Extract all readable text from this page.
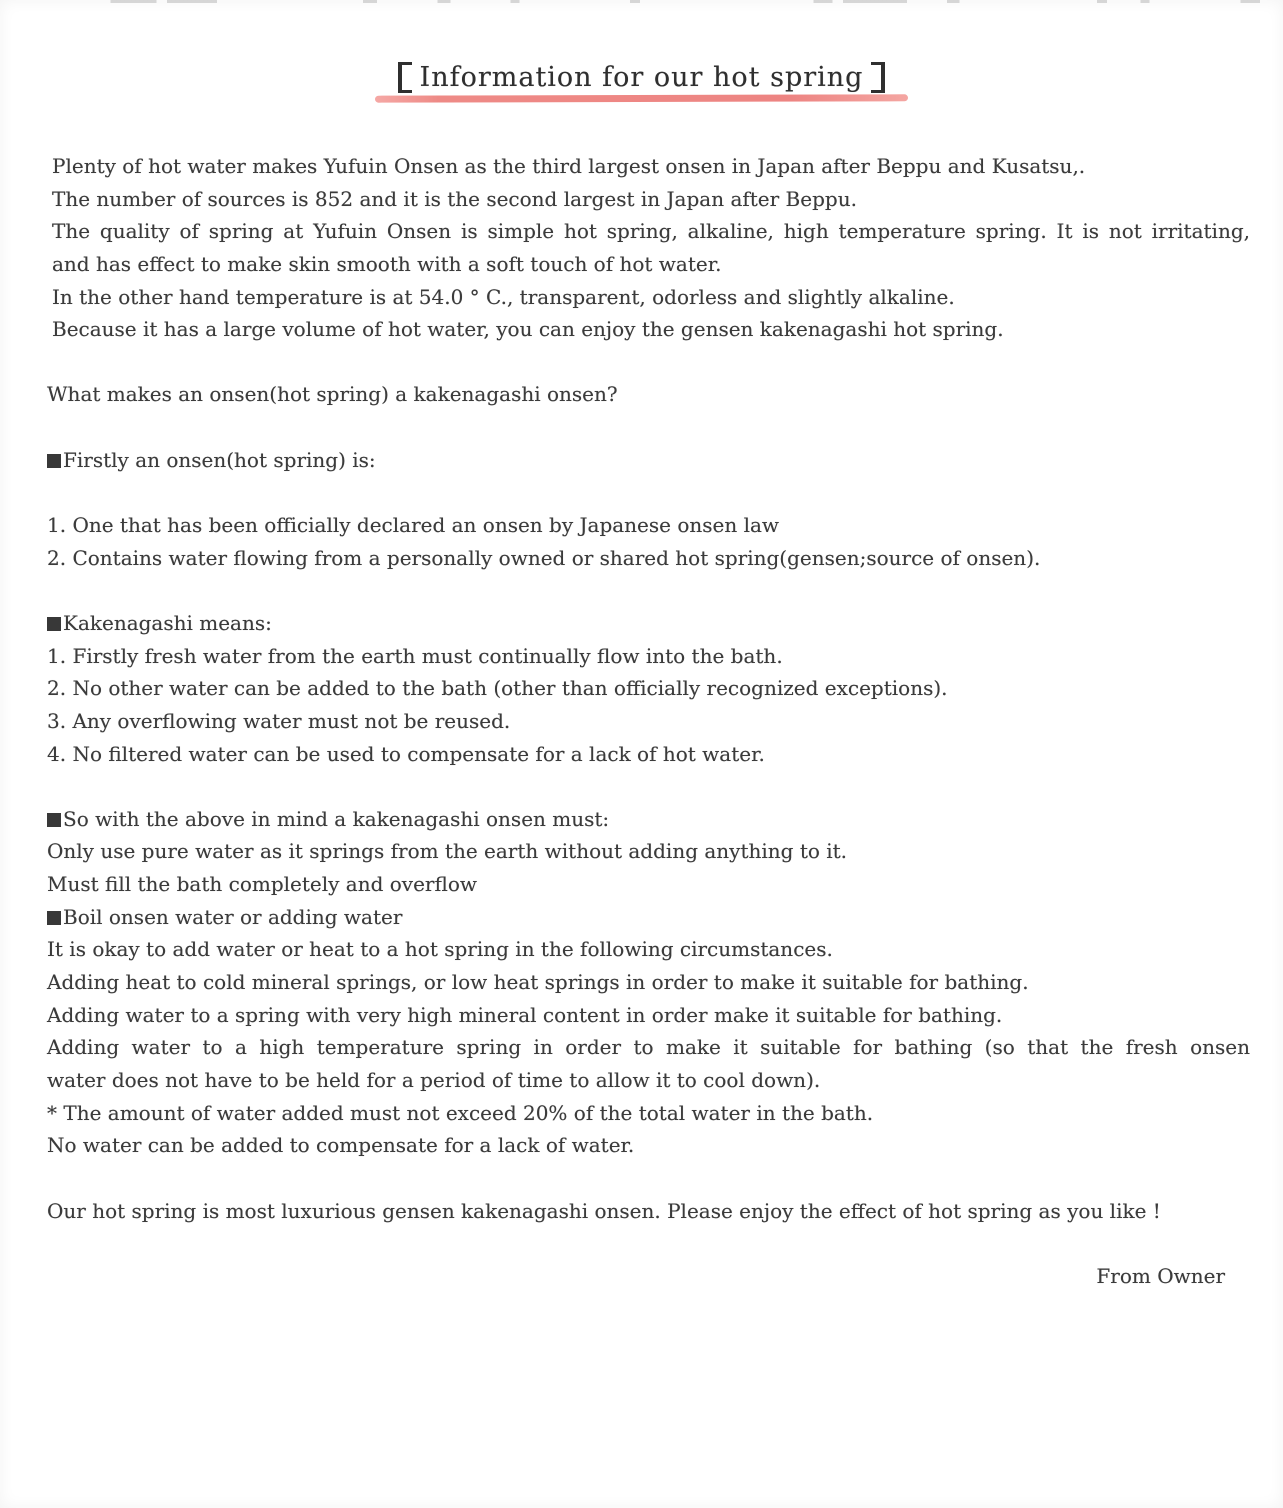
Information for our hot spring
Plenty of hot water makes Yufuin Onsen as the third largest onsen in Japan after Beppu and Kusatsu,.
The number of sources is 852 and it is the second largest in Japan after Beppu.
The quality of spring at Yufuin Onsen is simple hot spring, alkaline, high temperature spring. It is not irritating,
and has effect to make skin smooth with a soft touch of hot water.
In the other hand temperature is at 54.0 ° C., transparent, odorless and slightly alkaline.
Because it has a large volume of hot water, you can enjoy the gensen kakenagashi hot spring.
What makes an onsen(hot spring) a kakenagashi onsen?
Firstly an onsen(hot spring) is:
1. One that has been officially declared an onsen by Japanese onsen law
2. Contains water flowing from a personally owned or shared hot spring(gensen;source of onsen).
Kakenagashi means:
1. Firstly fresh water from the earth must continually flow into the bath.
2. No other water can be added to the bath (other than officially recognized exceptions).
3. Any overflowing water must not be reused.
4. No filtered water can be used to compensate for a lack of hot water.
So with the above in mind a kakenagashi onsen must:
Only use pure water as it springs from the earth without adding anything to it.
Must fill the bath completely and overflow
Boil onsen water or adding water
It is okay to add water or heat to a hot spring in the following circumstances.
Adding heat to cold mineral springs, or low heat springs in order to make it suitable for bathing.
Adding water to a spring with very high mineral content in order make it suitable for bathing.
Adding water to a high temperature spring in order to make it suitable for bathing (so that the fresh onsen
water does not have to be held for a period of time to allow it to cool down).
* The amount of water added must not exceed 20% of the total water in the bath.
No water can be added to compensate for a lack of water.
Our hot spring is most luxurious gensen kakenagashi onsen. Please enjoy the effect of hot spring as you like !
From Owner
